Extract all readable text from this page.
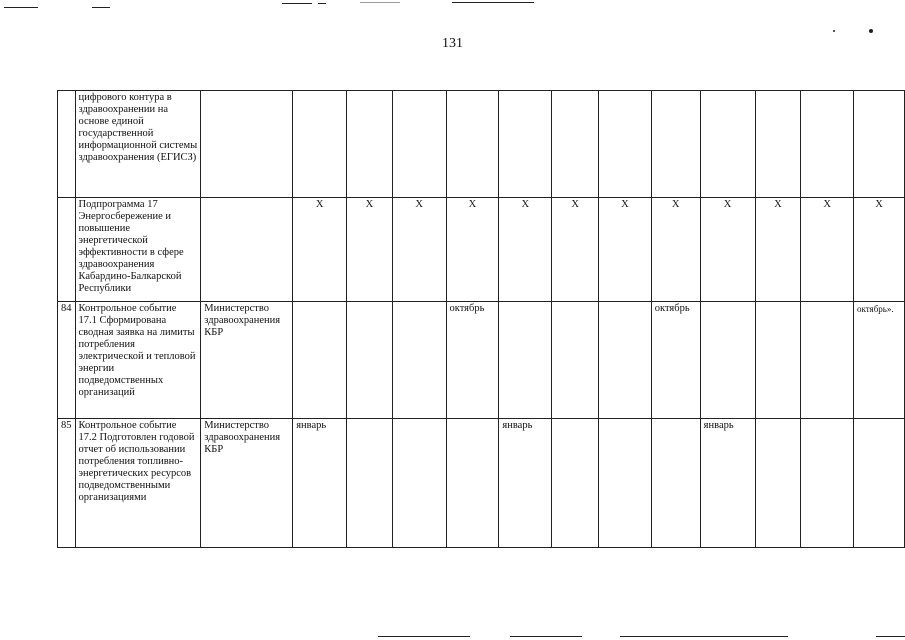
131
	цифрового контура в здравоохранении на основе единой государственной информационной системы здравоохранения (ЕГИСЗ)													
	Подпрограмма 17 Энергосбережение и повышение энергетической эффективности в сфере здравоохранения Кабардино-Балкарской Республики		X	X	X	X	X	X	X	X	X	X	X	X
84	Контрольное событие 17.1 Сформирована сводная заявка на лимиты потребления электрической и тепловой энергии подведомственных организаций	Министерство здравоохранения КБР				октябрь				октябрь				октябрь».
85	Контрольное событие 17.2 Подготовлен годовой отчет об использовании потребления топливно-энергетических ресурсов подведомственными организациями	Министерство здравоохранения КБР	январь				январь				январь			
